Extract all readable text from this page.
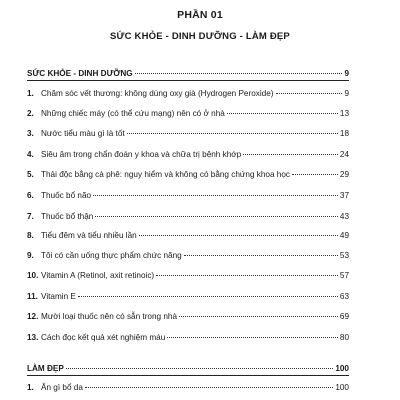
PHẦN 01
SỨC KHỎE - DINH DƯỠNG - LÀM ĐẸP
SỨC KHỎE - DINH DƯỠNG	9
1. Chăm sóc vết thương: không dùng oxy già (Hydrogen Peroxide)	9
2. Những chiếc máy (có thể cứu mạng) nên có ở nhà	13
3. Nước tiểu màu gì là tốt	18
4. Siêu âm trong chẩn đoán y khoa và chữa trị bệnh khớp	24
5. Thải độc bằng cà phê: nguy hiểm và không có bằng chứng khoa học	29
6. Thuốc bổ não	37
7. Thuốc bổ thận	43
8. Tiểu đêm và tiểu nhiều lần	49
9. Tôi có cần uống thực phẩm chức năng	53
10. Vitamin A (Retinol, axit retinoic)	57
11. Vitamin E	63
12. Mười loại thuốc nên có sẵn trong nhà	69
13. Cách đọc kết quả xét nghiệm máu	80
LÀM ĐẸP	100
1. Ăn gì bổ da	100
